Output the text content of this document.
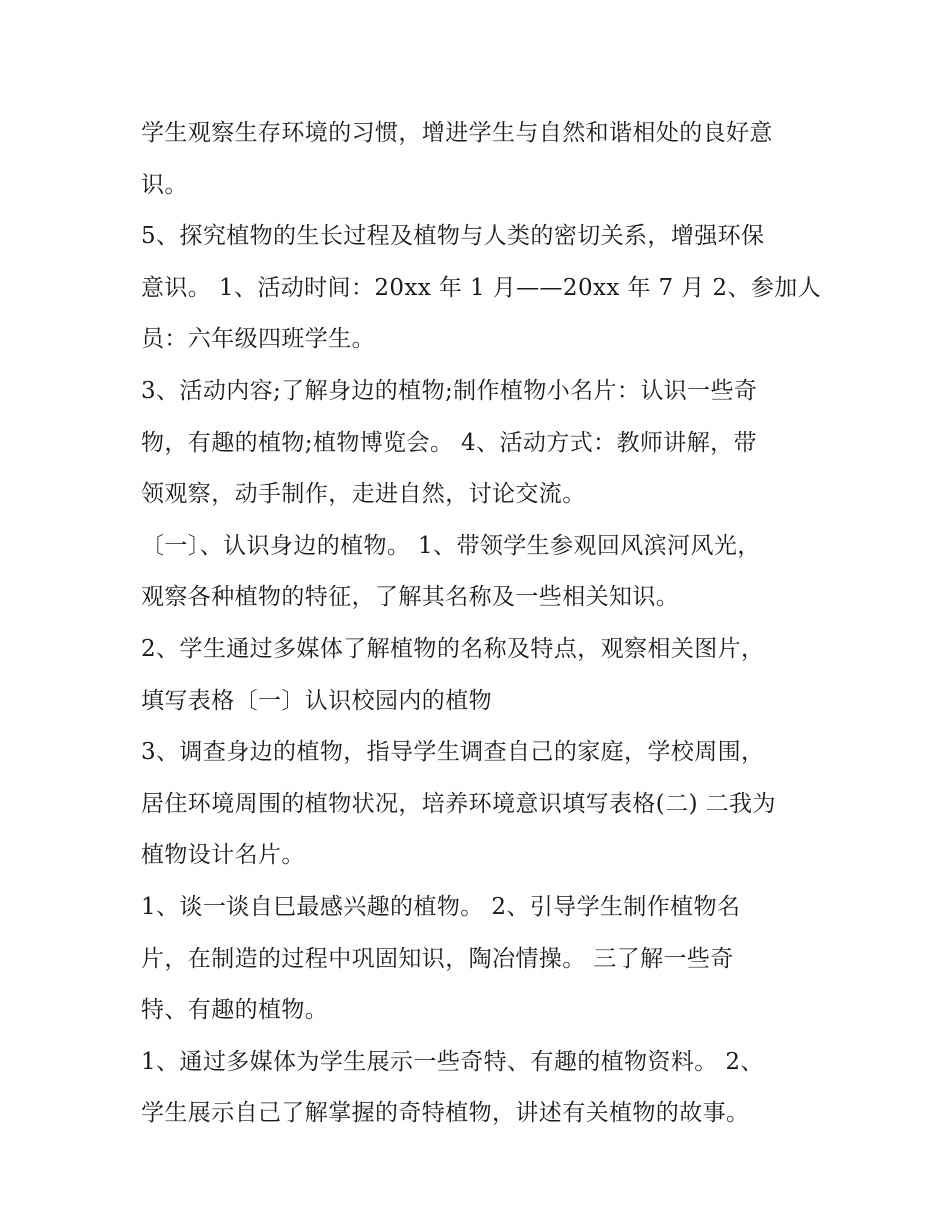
学生观察生存环境的习惯，增进学生与自然和谐相处的良好意
识。
5、探究植物的生长过程及植物与人类的密切关系，增强环保
意识。 1、活动时间：20xx 年 1 月——20xx 年 7 月 2、参加人
员：六年级四班学生。
3、活动内容;了解身边的植物;制作植物小名片：认识一些奇
物，有趣的植物;植物博览会。 4、活动方式：教师讲解，带
领观察，动手制作，走进自然，讨论交流。
〔一〕、认识身边的植物。 1、带领学生参观回风滨河风光，
观察各种植物的特征，了解其名称及一些相关知识。
2、学生通过多媒体了解植物的名称及特点，观察相关图片，
填写表格〔一〕认识校园内的植物
3、调查身边的植物，指导学生调查自己的家庭，学校周围，
居住环境周围的植物状况，培养环境意识填写表格(二) 二我为
植物设计名片。
1、谈一谈自巳最感兴趣的植物。 2、引导学生制作植物名
片，在制造的过程中巩固知识，陶冶情操。 三了解一些奇
特、有趣的植物。
1、通过多媒体为学生展示一些奇特、有趣的植物资料。 2、
学生展示自己了解掌握的奇特植物，讲述有关植物的故事。
